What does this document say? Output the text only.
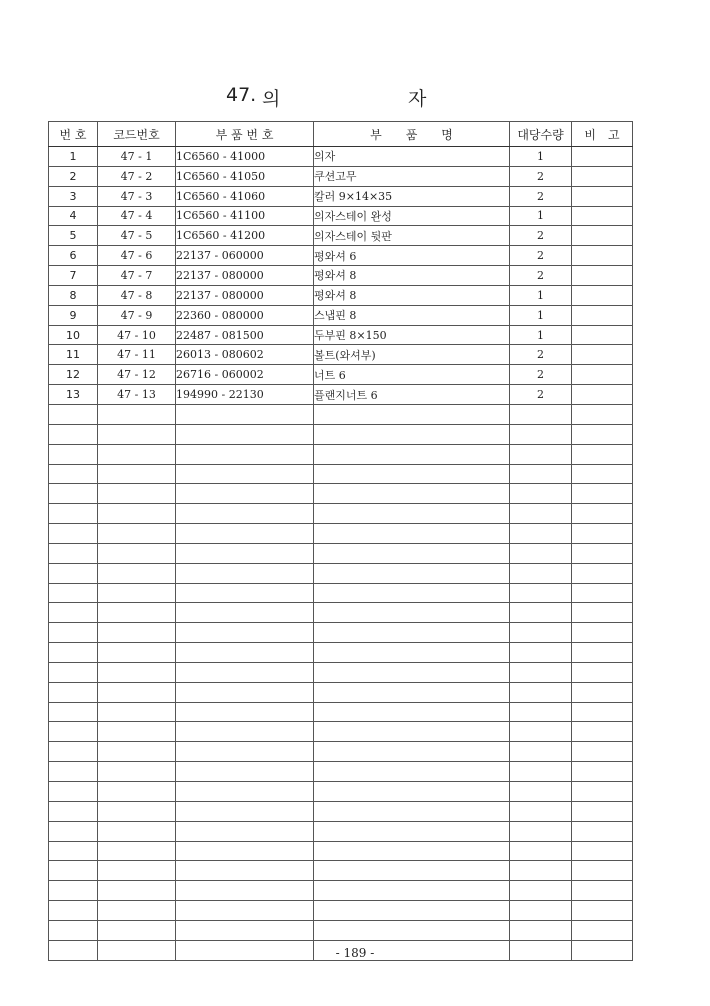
47. 의	자
번 호	코드번호	부 품 번 호	부　　품　　명	대당수량	비　고
1	47 - 1	1C6560 - 41000	의자	1	
2	47 - 2	1C6560 - 41050	쿠션고무	2	
3	47 - 3	1C6560 - 41060	칼러 9×14×35	2	
4	47 - 4	1C6560 - 41100	의자스테이 완성	1	
5	47 - 5	1C6560 - 41200	의자스테이 뒷판	2	
6	47 - 6	22137 - 060000	평와셔 6	2	
7	47 - 7	22137 - 080000	평와셔 8	2	
8	47 - 8	22137 - 080000	평와셔 8	1	
9	47 - 9	22360 - 080000	스냅핀 8	1	
10	47 - 10	22487 - 081500	두부핀 8×150	1	
11	47 - 11	26013 - 080602	볼트(와셔부)	2	
12	47 - 12	26716 - 060002	너트 6	2	
13	47 - 13	194990 - 22130	플랜지너트 6	2	

- 189 -
